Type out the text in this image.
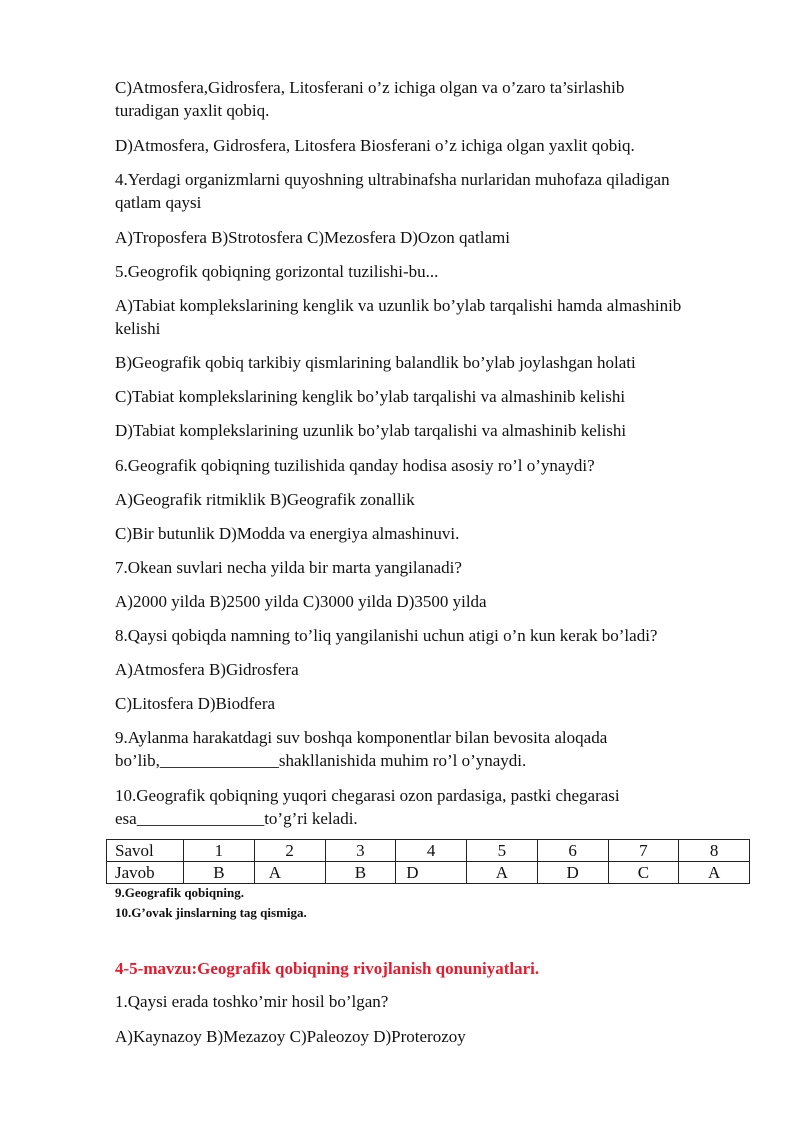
C)Atmosfera,Gidrosfera, Litosferani o’z ichiga olgan va o’zaro ta’sirlashib
turadigan yaxlit qobiq.
D)Atmosfera, Gidrosfera, Litosfera Biosferani o’z ichiga olgan yaxlit qobiq.
4.Yerdagi organizmlarni quyoshning ultrabinafsha nurlaridan muhofaza qiladigan
qatlam qaysi
A)Troposfera B)Strotosfera C)Mezosfera D)Ozon qatlami
5.Geogrofik qobiqning gorizontal tuzilishi-bu...
A)Tabiat komplekslarining kenglik va uzunlik bo’ylab tarqalishi hamda almashinib
kelishi
B)Geografik qobiq tarkibiy qismlarining balandlik bo’ylab joylashgan holati
C)Tabiat komplekslarining kenglik bo’ylab tarqalishi va almashinib kelishi
D)Tabiat komplekslarining uzunlik bo’ylab tarqalishi va almashinib kelishi
6.Geografik qobiqning tuzilishida qanday hodisa asosiy ro’l o’ynaydi?
A)Geografik ritmiklik B)Geografik zonallik
C)Bir butunlik D)Modda va energiya almashinuvi.
7.Okean suvlari necha yilda bir marta yangilanadi?
A)2000 yilda B)2500 yilda C)3000 yilda D)3500 yilda
8.Qaysi qobiqda namning to’liq yangilanishi uchun atigi o’n kun kerak bo’ladi?
A)Atmosfera B)Gidrosfera
C)Litosfera D)Biodfera
9.Aylanma harakatdagi suv boshqa komponentlar bilan bevosita aloqada
bo’lib,______________shakllanishida muhim ro’l o’ynaydi.
10.Geografik qobiqning yuqori chegarasi ozon pardasiga, pastki chegarasi
esa_______________to’g’ri keladi.
Savol	1	2	3	4	5	6	7	8
Javob	B	A	B	D	A	D	C	A
9.Geografik qobiqning.
10.G’ovak jinslarning tag qismiga.
4-5-mavzu:Geografik qobiqning rivojlanish qonuniyatlari.
1.Qaysi erada toshko’mir hosil bo’lgan?
A)Kaynazoy B)Mezazoy C)Paleozoy D)Proterozoy
